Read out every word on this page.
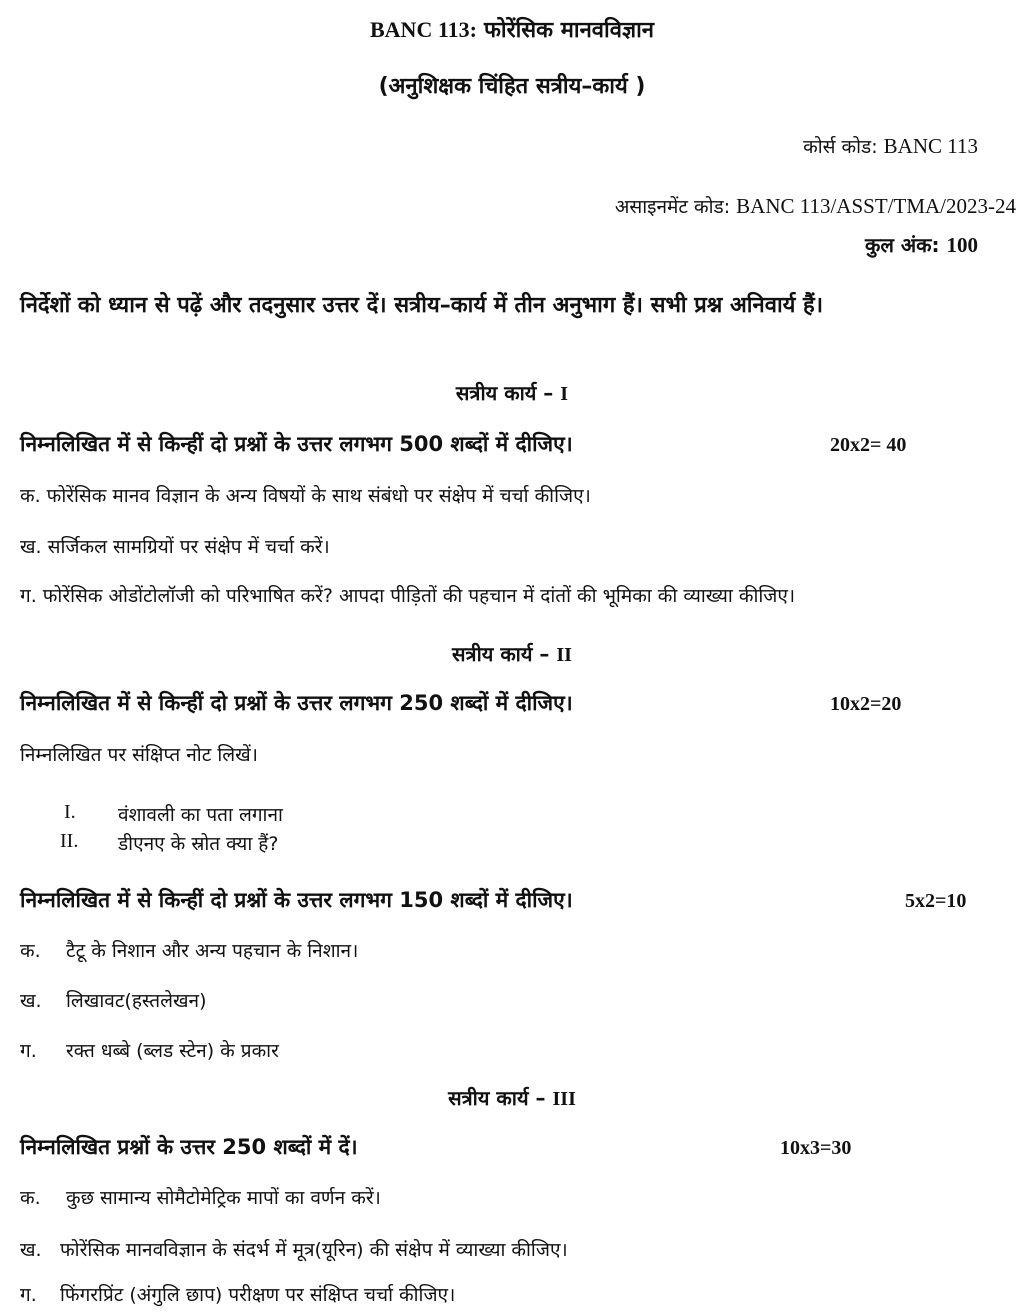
BANC 113: फोरेंसिक मानवविज्ञान
(अनुशिक्षक चिंहित सत्रीय–कार्य )
कोर्स कोड: BANC 113
असाइनमेंट कोड: BANC 113/ASST/TMA/2023-24
कुल अंक: 100
निर्देशों को ध्यान से पढ़ें और तदनुसार उत्तर दें। सत्रीय–कार्य में तीन अनुभाग हैं। सभी प्रश्न अनिवार्य हैं।
सत्रीय कार्य – I
निम्नलिखित में से किन्हीं दो प्रश्नों के उत्तर लगभग 500 शब्दों में दीजिए।	20x2= 40
क. फोरेंसिक मानव विज्ञान के अन्य विषयों के साथ संबंधो पर संक्षेप में चर्चा कीजिए।
ख. सर्जिकल सामग्रियों पर संक्षेप में चर्चा करें।
ग. फोरेंसिक ओडोंटोलॉजी को परिभाषित करें? आपदा पीड़ितों की पहचान में दांतों की भूमिका की व्याख्या कीजिए।
सत्रीय कार्य – II
निम्नलिखित में से किन्हीं दो प्रश्नों के उत्तर लगभग 250 शब्दों में दीजिए।	10x2=20
निम्नलिखित पर संक्षिप्त नोट लिखें।
I.	वंशावली का पता लगाना
II.	डीएनए के स्रोत क्या हैं?
निम्नलिखित में से किन्हीं दो प्रश्नों के उत्तर लगभग 150 शब्दों में दीजिए।	5x2=10
क. टैटू के निशान और अन्य पहचान के निशान।
ख. लिखावट(हस्तलेखन)
ग. रक्त धब्बे (ब्लड स्टेन) के प्रकार
सत्रीय कार्य – III
निम्नलिखित प्रश्नों के उत्तर 250 शब्दों में दें।	10x3=30
क. कुछ सामान्य सोमैटोमेट्रिक मापों का वर्णन करें।
ख. फोरेंसिक मानवविज्ञान के संदर्भ में मूत्र(यूरिन) की संक्षेप में व्याख्या कीजिए।
ग. फिंगरप्रिंट (अंगुलि छाप) परीक्षण पर संक्षिप्त चर्चा कीजिए।
